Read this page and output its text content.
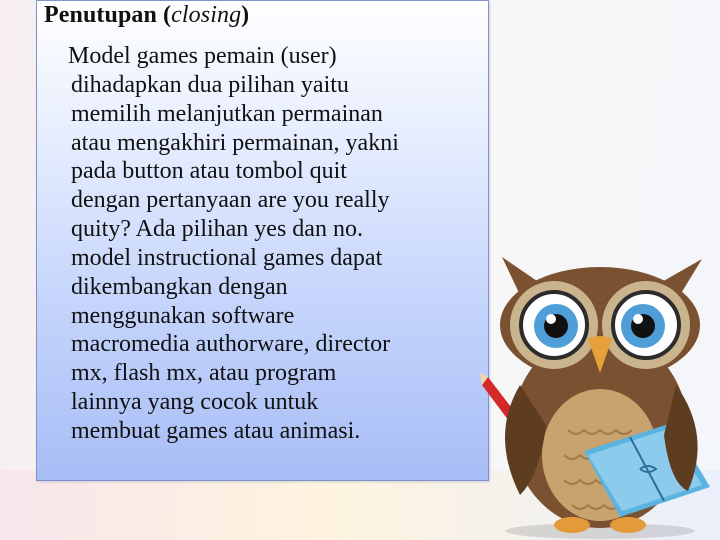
Penutupan (closing)
Model games pemain (user)
dihadapkan dua pilihan yaitu
memilih melanjutkan permainan
atau mengakhiri permainan, yakni
pada button atau tombol quit
dengan pertanyaan are you really
quity? Ada pilihan yes dan no.
model instructional games dapat
dikembangkan dengan
menggunakan software
macromedia authorware, director
mx, flash mx, atau program
lainnya yang cocok untuk
membuat games atau animasi.
